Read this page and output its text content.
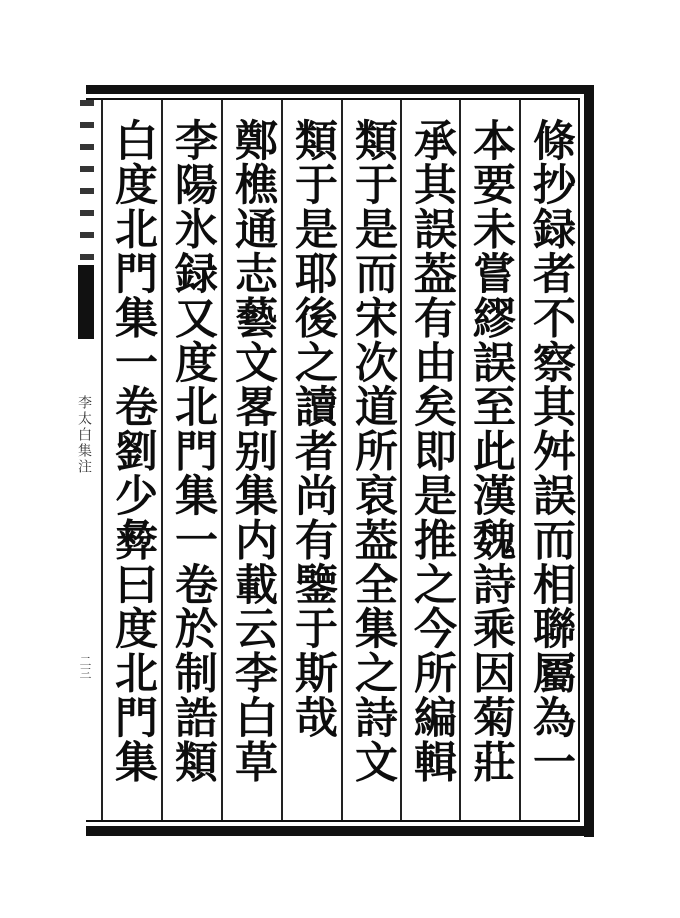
李太白集注
二三
條抄録者不察其舛誤而相聯屬為一
本要未嘗繆誤至此漢魏詩乘因菊莊
承其誤葢有由矣即是推之今所編輯
類于是而宋次道所裒葢全集之詩文
類于是耶後之讀者尚有鑒于斯哉
鄭樵通志藝文畧别集内載云李白草
李陽氷録又度北門集一卷於制誥類
白度北門集一卷劉少彜曰度北門集
